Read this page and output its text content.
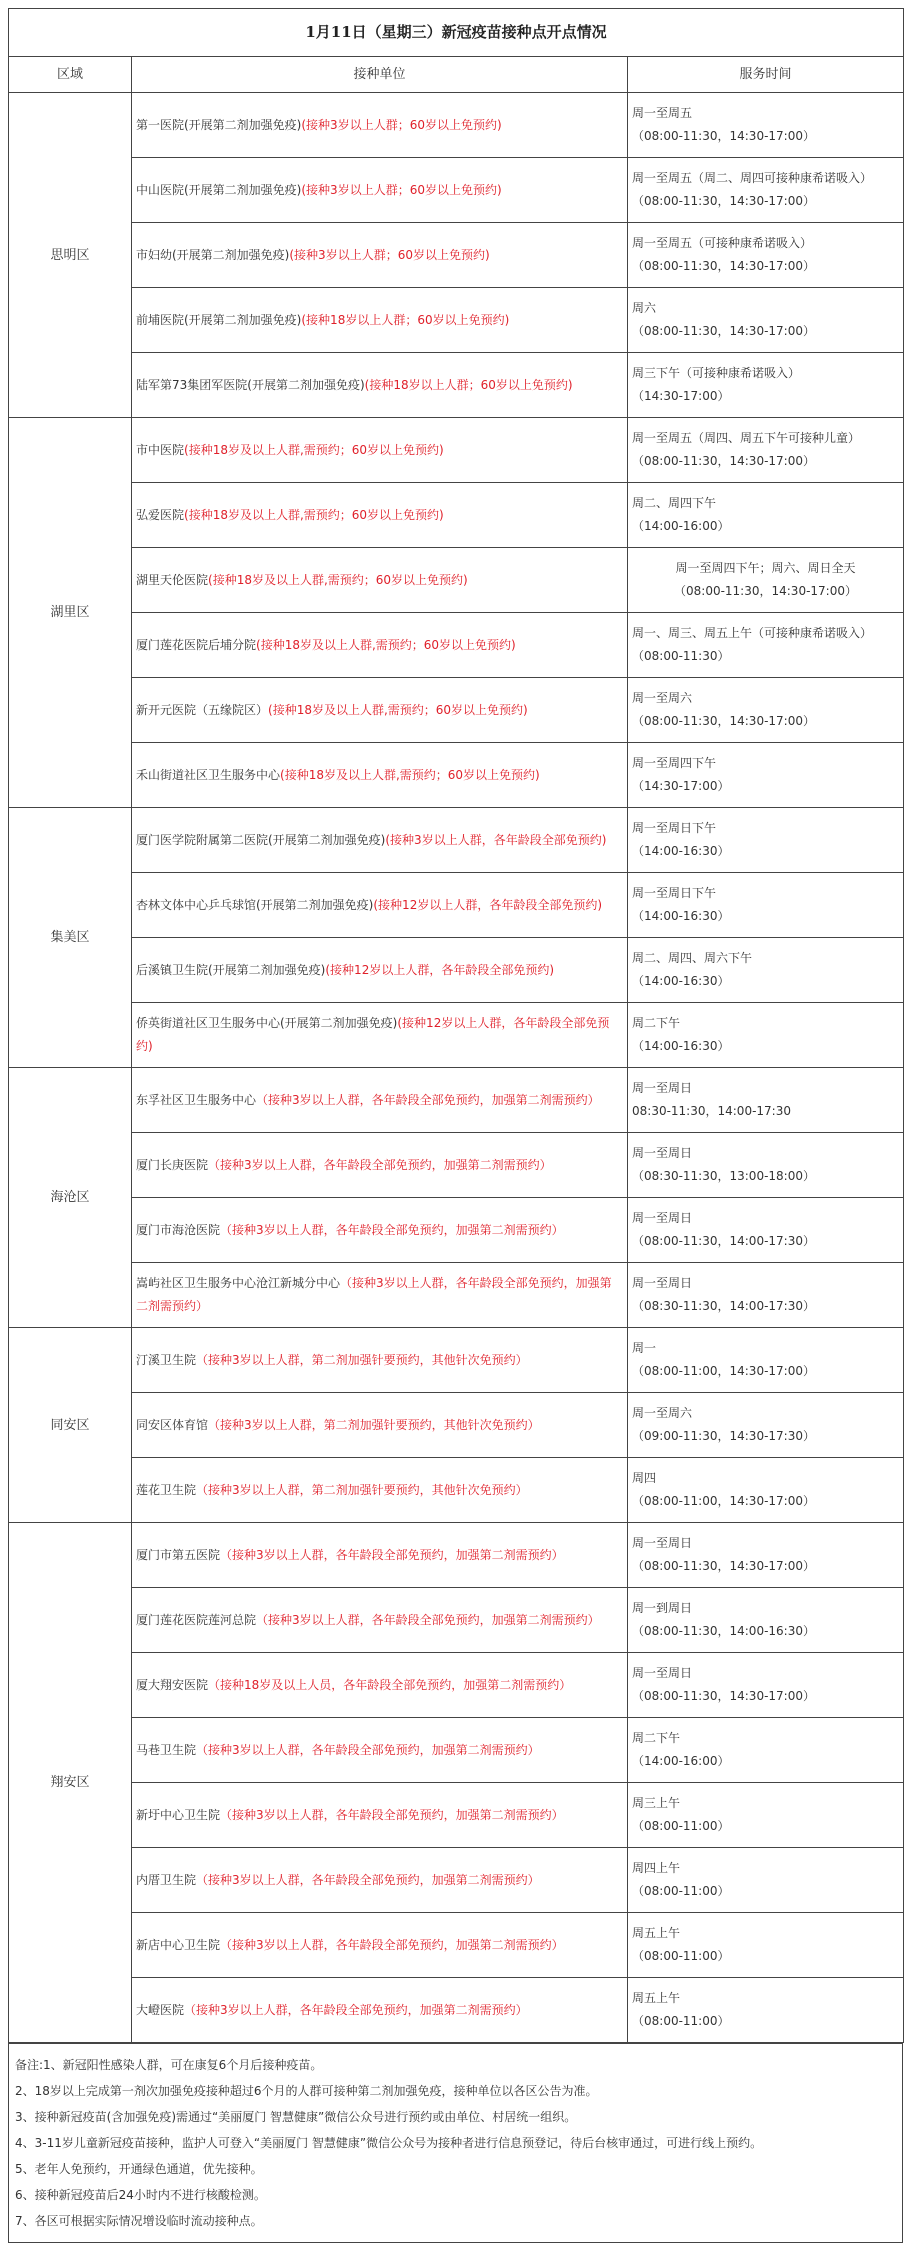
1月11日（星期三）新冠疫苗接种点开点情况		
区域	接种单位	服务时间
思明区	第一医院(开展第二剂加强免疫)(接种3岁以上人群；60岁以上免预约)	周一至周五
（08:00-11:30，14:30-17:00）

	中山医院(开展第二剂加强免疫)(接种3岁以上人群；60岁以上免预约)	周一至周五（周二、周四可接种康希诺吸入）
（08:00-11:30，14:30-17:00）

	市妇幼(开展第二剂加强免疫)(接种3岁以上人群；60岁以上免预约)	周一至周五（可接种康希诺吸入）
（08:00-11:30，14:30-17:00）

	前埔医院(开展第二剂加强免疫)(接种18岁以上人群；60岁以上免预约)	周六
（08:00-11:30，14:30-17:00）

	陆军第73集团军医院(开展第二剂加强免疫)(接种18岁以上人群；60岁以上免预约)	周三下午（可接种康希诺吸入）
（14:30-17:00）

湖里区	市中医院(接种18岁及以上人群,需预约；60岁以上免预约)	周一至周五（周四、周五下午可接种儿童）
（08:00-11:30，14:30-17:00）

	弘爱医院(接种18岁及以上人群,需预约；60岁以上免预约)	周二、周四下午
（14:00-16:00）

	湖里天伦医院(接种18岁及以上人群,需预约；60岁以上免预约)	周一至周四下午；周六、周日全天
（08:00-11:30，14:30-17:00）

	厦门莲花医院后埔分院(接种18岁及以上人群,需预约；60岁以上免预约)	周一、周三、周五上午（可接种康希诺吸入）
（08:00-11:30）

	新开元医院（五缘院区）(接种18岁及以上人群,需预约；60岁以上免预约)	周一至周六
（08:00-11:30，14:30-17:00）

	禾山街道社区卫生服务中心(接种18岁及以上人群,需预约；60岁以上免预约)	周一至周四下午
（14:30-17:00）

集美区	厦门医学院附属第二医院(开展第二剂加强免疫)(接种3岁以上人群，各年龄段全部免预约)	周一至周日下午
（14:00-16:30）

	杏林文体中心乒乓球馆(开展第二剂加强免疫)(接种12岁以上人群，各年龄段全部免预约)	周一至周日下午
（14:00-16:30）

	后溪镇卫生院(开展第二剂加强免疫)(接种12岁以上人群，各年龄段全部免预约)	周二、周四、周六下午
（14:00-16:30）

	侨英街道社区卫生服务中心(开展第二剂加强免疫)(接种12岁以上人群，各年龄段全部免预约)	周二下午
（14:00-16:30）

海沧区	东孚社区卫生服务中心（接种3岁以上人群，各年龄段全部免预约，加强第二剂需预约）	周一至周日
08:30-11:30，14:00-17:30

	厦门长庚医院（接种3岁以上人群，各年龄段全部免预约，加强第二剂需预约）	周一至周日
（08:30-11:30，13:00-18:00）

	厦门市海沧医院（接种3岁以上人群，各年龄段全部免预约，加强第二剂需预约）	周一至周日
（08:00-11:30，14:00-17:30）

	嵩屿社区卫生服务中心沧江新城分中心（接种3岁以上人群，各年龄段全部免预约，加强第二剂需预约）	周一至周日
（08:30-11:30，14:00-17:30）

同安区	汀溪卫生院（接种3岁以上人群，第二剂加强针要预约，其他针次免预约）	周一
（08:00-11:00，14:30-17:00）

	同安区体育馆（接种3岁以上人群，第二剂加强针要预约，其他针次免预约）	周一至周六
（09:00-11:30，14:30-17:30）

	莲花卫生院（接种3岁以上人群，第二剂加强针要预约，其他针次免预约）	周四
（08:00-11:00，14:30-17:00）

翔安区	厦门市第五医院（接种3岁以上人群，各年龄段全部免预约，加强第二剂需预约）	周一至周日
（08:00-11:30，14:30-17:00）

	厦门莲花医院莲河总院（接种3岁以上人群，各年龄段全部免预约，加强第二剂需预约）	周一到周日
（08:00-11:30，14:00-16:30）

	厦大翔安医院（接种18岁及以上人员，各年龄段全部免预约，加强第二剂需预约）	周一至周日
（08:00-11:30，14:30-17:00）

	马巷卫生院（接种3岁以上人群，各年龄段全部免预约，加强第二剂需预约）	周二下午
（14:00-16:00）

	新圩中心卫生院（接种3岁以上人群，各年龄段全部免预约，加强第二剂需预约）	周三上午
（08:00-11:00）

	内厝卫生院（接种3岁以上人群，各年龄段全部免预约，加强第二剂需预约）	周四上午
（08:00-11:00）

	新店中心卫生院（接种3岁以上人群，各年龄段全部免预约，加强第二剂需预约）	周五上午
（08:00-11:00）

	大嶝医院（接种3岁以上人群，各年龄段全部免预约，加强第二剂需预约）	周五上午
（08:00-11:00）
备注:1、新冠阳性感染人群，可在康复6个月后接种疫苗。
2、18岁以上完成第一剂次加强免疫接种超过6个月的人群可接种第二剂加强免疫，接种单位以各区公告为准。
3、接种新冠疫苗(含加强免疫)需通过“美丽厦门 智慧健康”微信公众号进行预约或由单位、村居统一组织。
4、3-11岁儿童新冠疫苗接种，监护人可登入“美丽厦门 智慧健康”微信公众号为接种者进行信息预登记，待后台核审通过，可进行线上预约。
5、老年人免预约，开通绿色通道，优先接种。
6、接种新冠疫苗后24小时内不进行核酸检测。
7、各区可根据实际情况增设临时流动接种点。
